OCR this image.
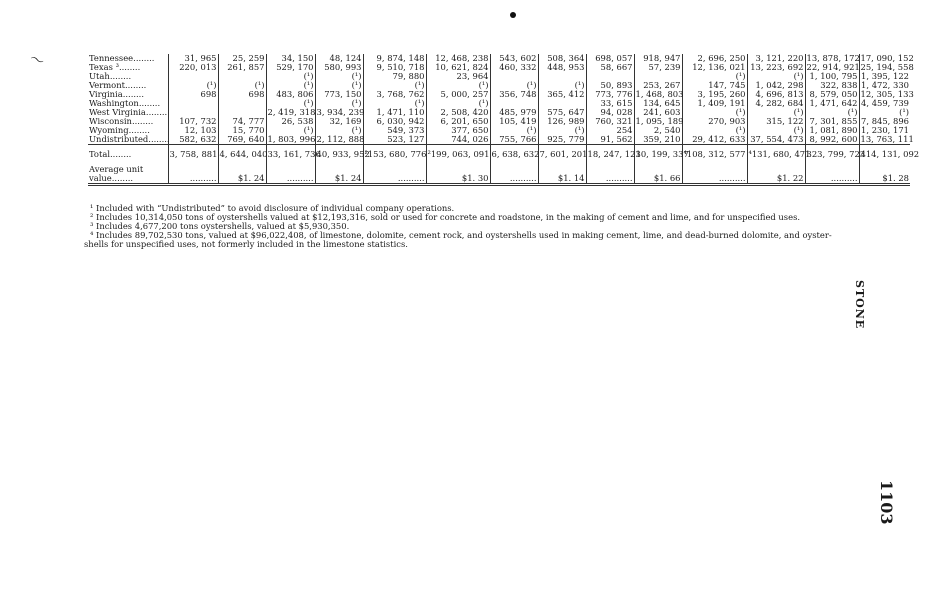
〜	Tennessee........	31, 965	25, 259	34, 150	48, 124	9, 874, 148	12, 468, 238	543, 602	508, 364	698, 057	918, 947	2, 696, 250	3, 121, 220	13, 878, 172	17, 090, 152
Texas ³........	220, 013	261, 857	529, 170	580, 993	9, 510, 718	10, 621, 824	460, 332	448, 953	58, 667	57, 239	12, 136, 021	13, 223, 692	22, 914, 921	25, 194, 558
Utah........			(¹)	(¹)	79, 880	23, 964					(¹)	(¹)	1, 100, 795	1, 395, 122
Vermont........	(¹)	(¹)	(¹)	(¹)	(¹)	(¹)	(¹)	(¹)	50, 893	253, 267	147, 745	1, 042, 298	322, 838	1, 472, 330
Virginia........	698	698	483, 806	773, 150	3, 768, 762	5, 000, 257	356, 748	365, 412	773, 776	1, 468, 803	3, 195, 260	4, 696, 813	8, 579, 050	12, 305, 133
Washington........			(¹)	(¹)	(¹)	(¹)			33, 615	134, 645	1, 409, 191	4, 282, 684	1, 471, 642	4, 459, 739
West Virginia........			2, 419, 318	3, 934, 239	1, 471, 110	2, 508, 420	485, 979	575, 647	94, 028	241, 603	(¹)	(¹)	(¹)	(¹)
Wisconsin........	107, 732	74, 777	26, 538	32, 169	6, 030, 942	6, 201, 650	105, 419	126, 989	760, 321	1, 095, 189	270, 903	315, 122	7, 301, 855	7, 845, 896
Wyoming........	12, 103	15, 770	(¹)	(¹)	549, 373	377, 650	(¹)	(¹)	254	2, 540	(¹)	(¹)	1, 081, 890	1, 230, 171
Undistributed........	582, 632	769, 640	1, 803, 996	2, 112, 888	523, 127	744, 026	755, 766	925, 779	91, 562	359, 210	29, 412, 633	37, 554, 473	8, 992, 600	13, 763, 111
Total........	3, 758, 881	4, 644, 040	33, 161, 736	40, 933, 952	²153, 680, 776	²199, 063, 091	6, 638, 632	7, 601, 201	18, 247, 121	30, 199, 337	⁴108, 312, 577	⁴131, 680, 471	323, 799, 723	414, 131, 092
Average unit														
value........	..........	$1. 24	..........	$1. 24	..........	$1. 30	..........	$1. 14	..........	$1. 66	..........	$1. 22	..........	$1. 28

¹ Included with “Undistributed” to avoid disclosure of individual company operations.

² Includes 10,314,050 tons of oystershells valued at $12,193,316, sold or used for concrete and roadstone, in the making of cement and lime, and for unspecified uses.

³ Includes 4,677,200 tons oystershells, valued at $5,930,350.

⁴ Includes 89,702,530 tons, valued at $96,022,408, of limestone, dolomite, cement rock, and oystershells used in making cement, lime, and dead-burned dolomite, and oyster-

shells for unspecified uses, not formerly included in the limestone statistics.

STONE
1103
